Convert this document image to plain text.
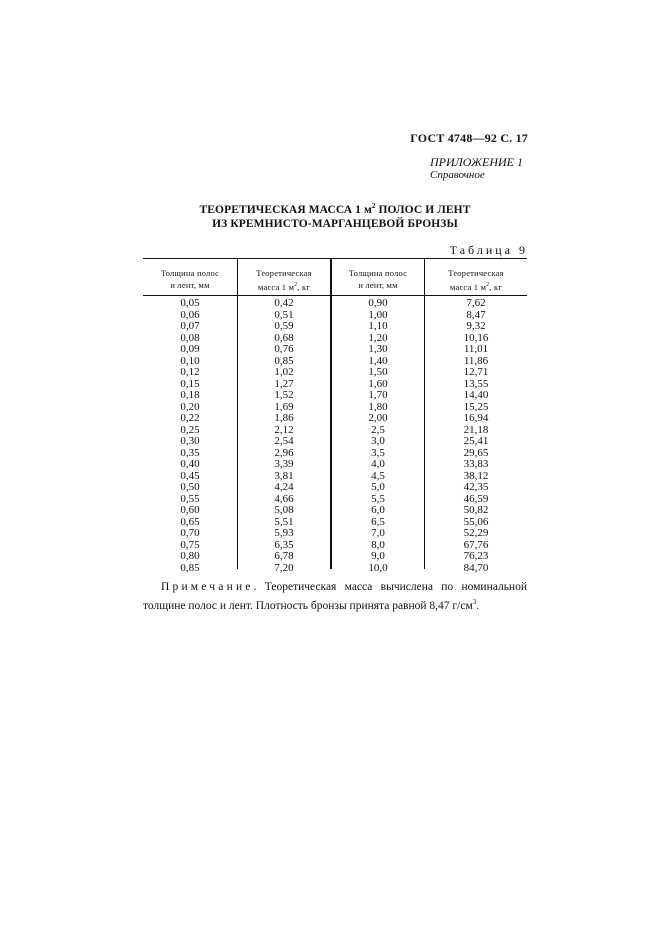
ГОСТ 4748—92 С. 17
ПРИЛОЖЕНИЕ 1
Справочное
ТЕОРЕТИЧЕСКАЯ МАССА 1 $м^2$ ПОЛОС И ЛЕНТ
ИЗ КРЕМНИСТО-МАРГАНЦЕВОЙ БРОНЗЫ
Таблица 9
Толщина полос
и лент, мм
Теоретическая
масса 1 $м^2$, кг
Толщина полос
и лент, мм
Теоретическая
масса 1 $м^2$, кг
0,05
0,06
0,07
0,08
0,09
0,10
0,12
0,15
0,18
0,20
0,22
0,25
0,30
0,35
0,40
0,45
0,50
0,55
0,60
0,65
0,70
0,75
0,80
0,85
0,42
0,51
0,59
0,68
0,76
0,85
1,02
1,27
1,52
1,69
1,86
2,12
2,54
2,96
3,39
3,81
4,24
4,66
5,08
5,51
5,93
6,35
6,78
7,20
0,90
1,00
1,10
1,20
1,30
1,40
1,50
1,60
1,70
1,80
2,00
2,5
3,0
3,5
4,0
4,5
5,0
5,5
6,0
6,5
7,0
8,0
9,0
10,0
7,62
8,47
9,32
10,16
11,01
11,86
12,71
13,55
14,40
15,25
16,94
21,18
25,41
29,65
33,83
38,12
42,35
46,59
50,82
55,06
52,29
67,76
76,23
84,70
Примечание. Теоретическая масса вычислена по номинальной толщине полос и лент. Плотность бронзы принята равной 8,47 $г/см^3$.
